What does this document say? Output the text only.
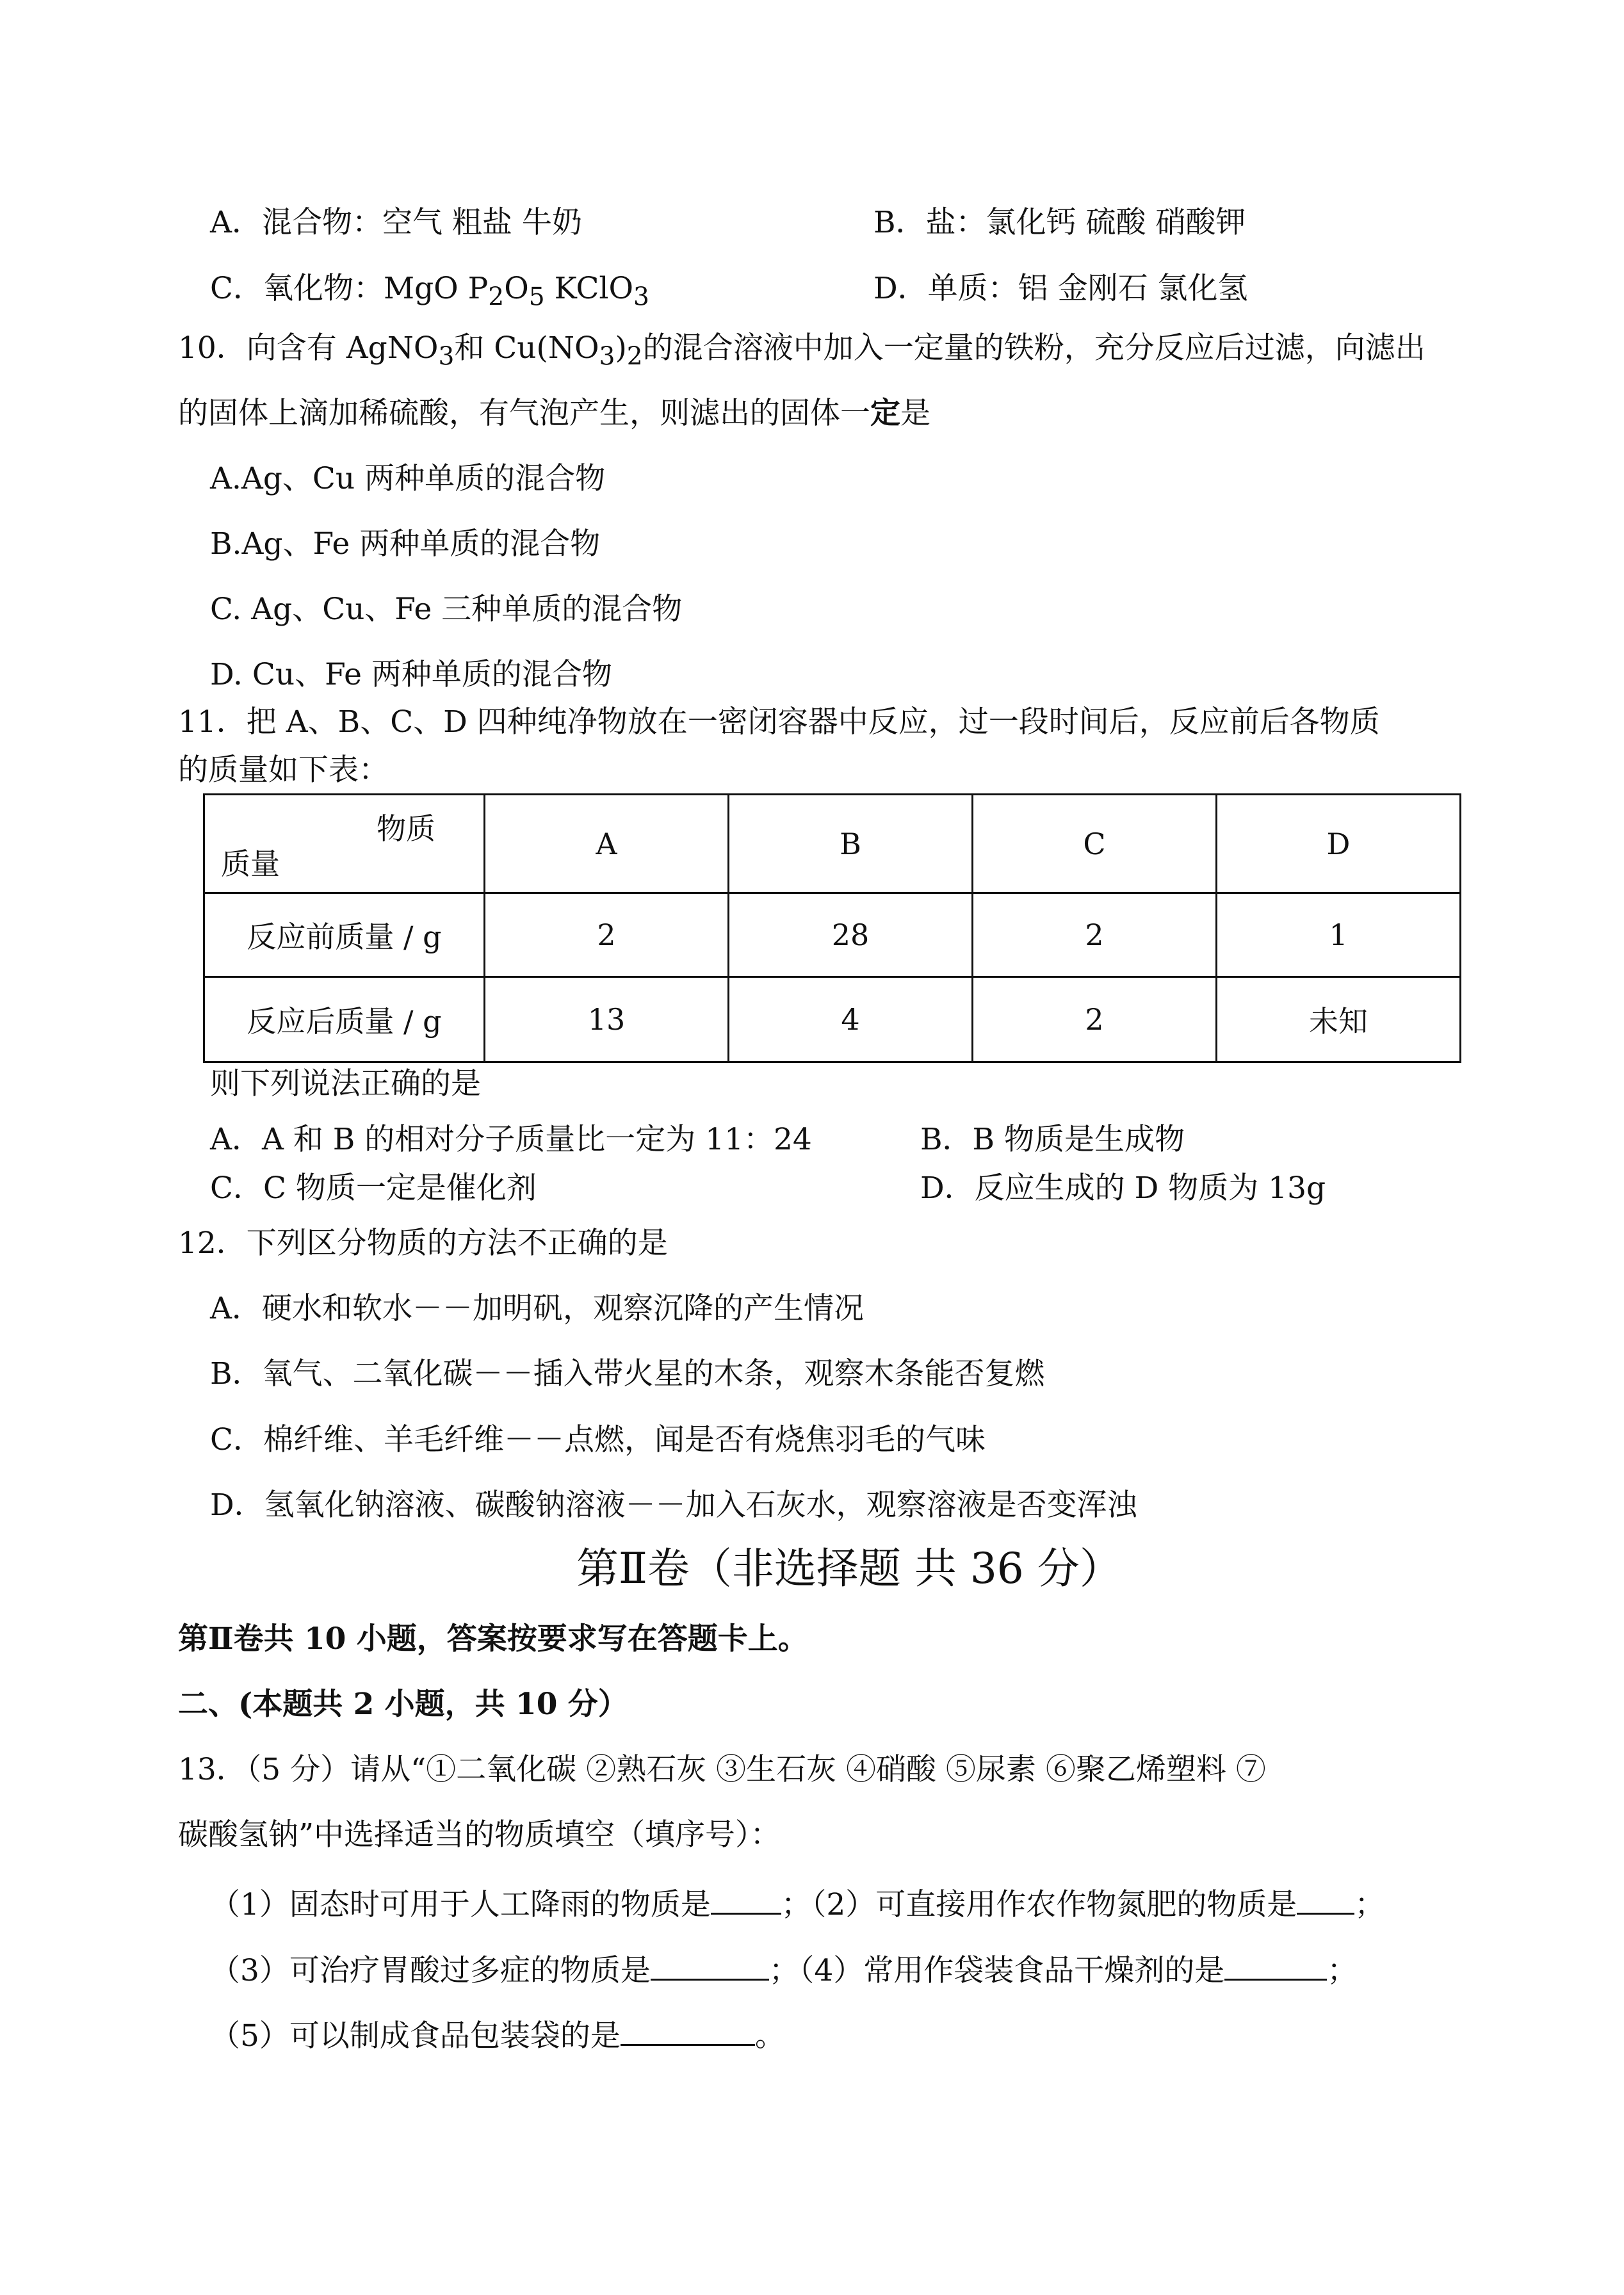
A．混合物：空气 粗盐 牛奶	B．盐：氯化钙 硫酸 硝酸钾
C．氧化物：MgO $P_2O_5$ KClO$_3$	D．单质：铝 金刚石 氯化氢
10．向含有 AgNO$_3$和 $Cu(NO_3)_2$的混合溶液中加入一定量的铁粉，充分反应后过滤，向滤出
的固体上滴加稀硫酸，有气泡产生，则滤出的固体一定是
A.Ag、Cu 两种单质的混合物
B.Ag、Fe 两种单质的混合物
C. Ag、Cu、Fe 三种单质的混合物
D. Cu、Fe 两种单质的混合物
11．把 A、B、C、D 四种纯净物放在一密闭容器中反应，过一段时间后，反应前后各物质
的质量如下表：
物质
质量	A	B	C	D
反应前质量 / g	2	28	2	1
反应后质量 / g	13	4	2	未知
则下列说法正确的是
A．A 和 B 的相对分子质量比一定为 11：24	B．B 物质是生成物
C．C 物质一定是催化剂	D．反应生成的 D 物质为 13g
12．下列区分物质的方法不正确的是
A．硬水和软水－－加明矾，观察沉降的产生情况
B．氧气、二氧化碳－－插入带火星的木条，观察木条能否复燃
C．棉纤维、羊毛纤维－－点燃，闻是否有烧焦羽毛的气味
D．氢氧化钠溶液、碳酸钠溶液－－加入石灰水，观察溶液是否变浑浊
第Ⅱ卷（非选择题 共 36 分）
第Ⅱ卷共 10 小题，答案按要求写在答题卡上。
二、(本题共 2 小题，共 10 分）
13．（5 分）请从“①二氧化碳 ②熟石灰 ③生石灰 ④硝酸 ⑤尿素 ⑥聚乙烯塑料 ⑦
碳酸氢钠”中选择适当的物质填空（填序号）：
（1）固态时可用于人工降雨的物质是 ；（2）可直接用作农作物氮肥的物质是 ；
（3）可治疗胃酸过多症的物质是	；（4）常用作袋装食品干燥剂的是	；
（5）可以制成食品包装袋的是	。
